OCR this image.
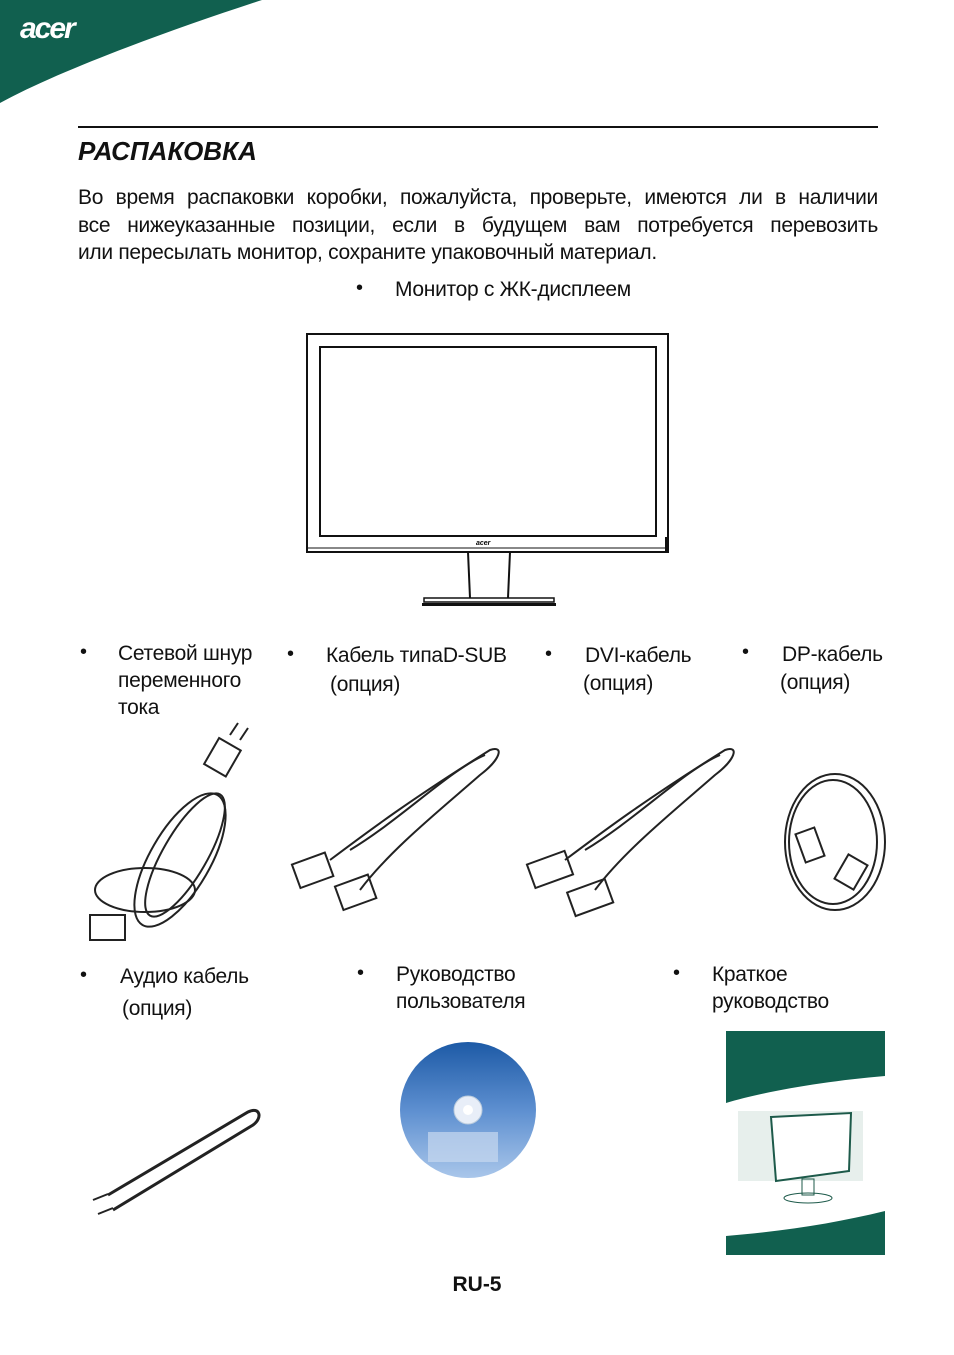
acer
РАСПАКОВКА
Во время распаковки коробки, пожалуйста, проверьте, имеются ли в наличии
все нижеуказанные позиции, если в будущем вам потребуется перевозить
или пересылать монитор, сохраните упаковочный материал.
• Монитор с ЖК-дисплеем
acer
• Сетевой шнур
переменного
тока
• Кабель типаD-SUB
(опция)
• DVI-кабель
(опция)
• DP-кабель
(опция)
• Аудио кабель
(опция)
• Руководство
пользователя
• Краткое
руководство
RU-5
